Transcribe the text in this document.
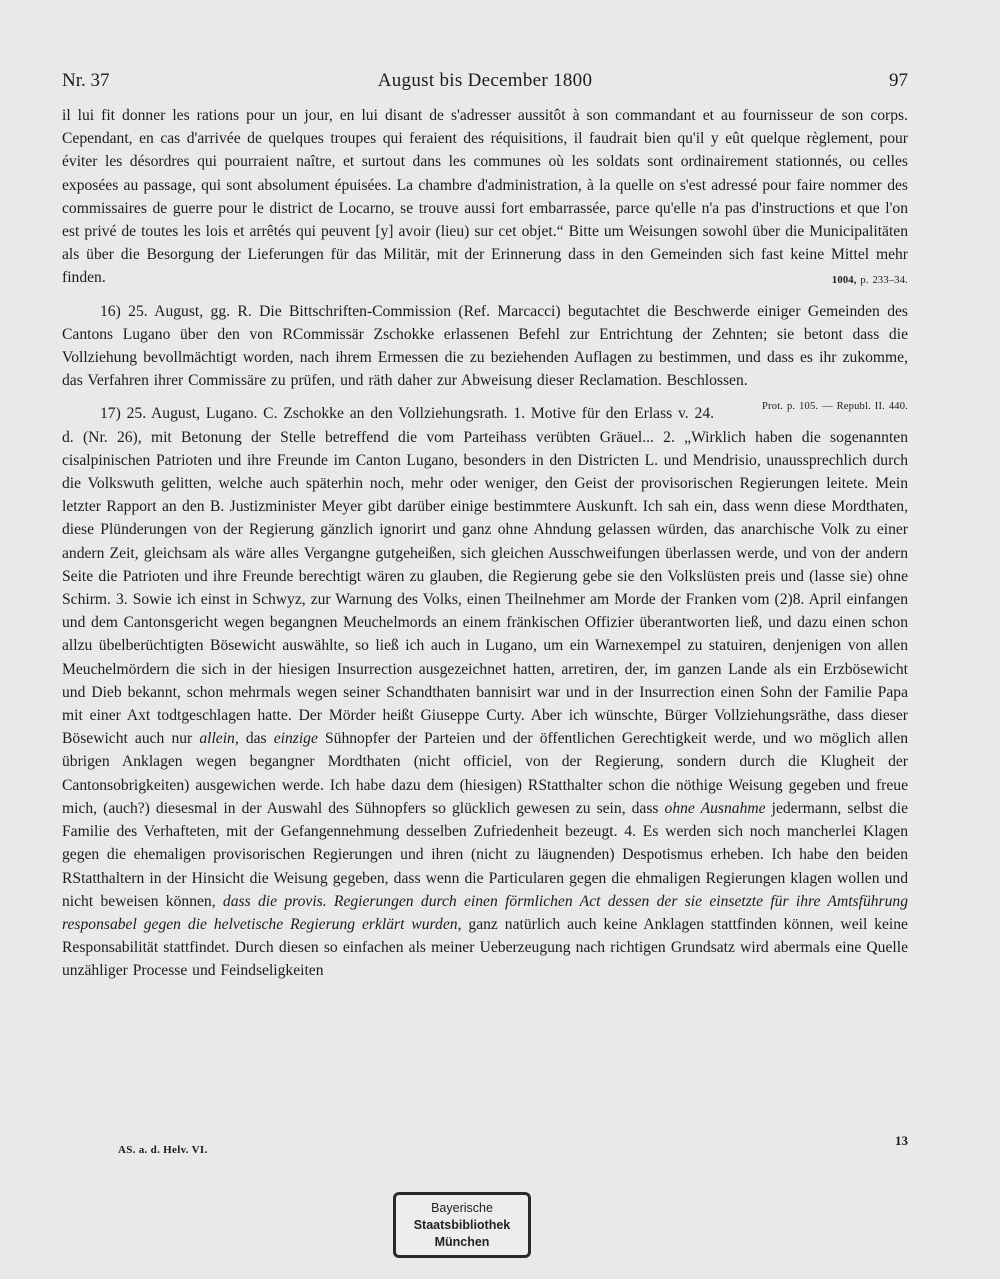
Nr. 37	August bis December 1800	97

il lui fit donner les rations pour un jour, en lui disant de s'adresser aussitôt à son commandant et au fournisseur de son corps. Cependant, en cas d'arrivée de quelques troupes qui feraient des réquisitions, il faudrait bien qu'il y eût quelque règlement, pour éviter les désordres qui pourraient naître, et surtout dans les communes où les soldats sont ordinairement stationnés, ou celles exposées au passage, qui sont absolument épuisées. La chambre d'administration, à la quelle on s'est adressé pour faire nommer des commissaires de guerre pour le district de Locarno, se trouve aussi fort embarrassée, parce qu'elle n'a pas d'instructions et que l'on est privé de toutes les lois et arrêtés qui peuvent [y] avoir (lieu) sur cet objet.“ Bitte um Weisungen sowohl über die Municipalitäten als über die Besorgung der Lieferungen für das Militär, mit der Erinnerung dass in den Gemeinden sich fast keine Mittel mehr finden.	1004, p. 233–34.

16) 25. August, gg. R. Die Bittschriften-Commission (Ref. Marcacci) begutachtet die Beschwerde einiger Gemeinden des Cantons Lugano über den von RCommissär Zschokke erlassenen Befehl zur Entrichtung der Zehnten; sie betont dass die Vollziehung bevollmächtigt worden, nach ihrem Ermessen die zu beziehenden Auflagen zu bestimmen, und dass es ihr zukomme, das Verfahren ihrer Commissäre zu prüfen, und räth daher zur Abweisung dieser Reclamation. Beschlossen.
Prot. p. 105. — Republ. II. 440.

17) 25. August, Lugano. C. Zschokke an den Vollziehungsrath. 1. Motive für den Erlass v. 24. d. (Nr. 26), mit Betonung der Stelle betreffend die vom Parteihass verübten Gräuel... 2. „Wirklich haben die sogenannten cisalpinischen Patrioten und ihre Freunde im Canton Lugano, besonders in den Districten L. und Mendrisio, unaussprechlich durch die Volkswuth gelitten, welche auch späterhin noch, mehr oder weniger, den Geist der provisorischen Regierungen leitete. Mein letzter Rapport an den B. Justizminister Meyer gibt darüber einige bestimmtere Auskunft. Ich sah ein, dass wenn diese Mordthaten, diese Plünderungen von der Regierung gänzlich ignorirt und ganz ohne Ahndung gelassen würden, das anarchische Volk zu einer andern Zeit, gleichsam als wäre alles Vergangne gutgeheißen, sich gleichen Ausschweifungen überlassen werde, und von der andern Seite die Patrioten und ihre Freunde berechtigt wären zu glauben, die Regierung gebe sie den Volkslüsten preis und (lasse sie) ohne Schirm. 3. Sowie ich einst in Schwyz, zur Warnung des Volks, einen Theilnehmer am Morde der Franken vom (2)8. April einfangen und dem Cantonsgericht wegen begangnen Meuchelmords an einem fränkischen Offizier überantworten ließ, und dazu einen schon allzu übelberüchtigten Bösewicht auswählte, so ließ ich auch in Lugano, um ein Warnexempel zu statuiren, denjenigen von allen Meuchelmördern die sich in der hiesigen Insurrection ausgezeichnet hatten, arretiren, der, im ganzen Lande als ein Erzbösewicht und Dieb bekannt, schon mehrmals wegen seiner Schandthaten bannisirt war und in der Insurrection einen Sohn der Familie Papa mit einer Axt todtgeschlagen hatte. Der Mörder heißt Giuseppe Curty. Aber ich wünschte, Bürger Vollziehungsräthe, dass dieser Bösewicht auch nur allein, das einzige Sühnopfer der Parteien und der öffentlichen Gerechtigkeit werde, und wo möglich allen übrigen Anklagen wegen begangner Mordthaten (nicht officiel, von der Regierung, sondern durch die Klugheit der Cantonsobrigkeiten) ausgewichen werde. Ich habe dazu dem (hiesigen) RStatthalter schon die nöthige Weisung gegeben und freue mich, (auch?) diesesmal in der Auswahl des Sühnopfers so glücklich gewesen zu sein, dass ohne Ausnahme jedermann, selbst die Familie des Verhafteten, mit der Gefangennehmung desselben Zufriedenheit bezeugt. 4. Es werden sich noch mancherlei Klagen gegen die ehemaligen provisorischen Regierungen und ihren (nicht zu läugnenden) Despotismus erheben. Ich habe den beiden RStatthaltern in der Hinsicht die Weisung gegeben, dass wenn die Particularen gegen die ehmaligen Regierungen klagen wollen und nicht beweisen können, dass die provis. Regierungen durch einen förmlichen Act dessen der sie einsetzte für ihre Amtsführung responsabel gegen die helvetische Regierung erklärt wurden, ganz natürlich auch keine Anklagen stattfinden können, weil keine Responsabilität stattfindet. Durch diesen so einfachen als meiner Ueberzeugung nach richtigen Grundsatz wird abermals eine Quelle unzähliger Processe und Feindseligkeiten

13
AS. a. d. Helv. VI.
Bayerische
Staatsbibliothek
München
